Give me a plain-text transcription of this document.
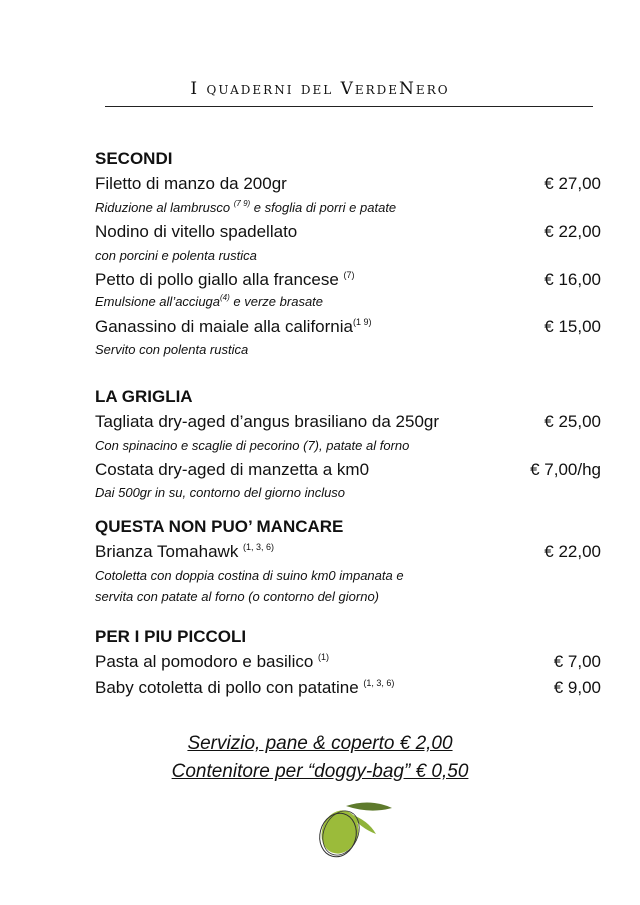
I quaderni del VerdeNero
SECONDI
Filetto di manzo da 200gr	€ 27,00
Riduzione al lambrusco $^{(7 9)}$ e sfoglia di porri e patate
Nodino di vitello spadellato	€ 22,00
con porcini e polenta rustica
Petto di pollo giallo alla francese $^{(7)}$	€ 16,00
Emulsione all’acciuga$^{(4)}$ e verze brasate
Ganassino di maiale alla california$^{(1 9)}$	€ 15,00
Servito con polenta rustica
LA GRIGLIA
Tagliata dry-aged d’angus brasiliano da 250gr	€ 25,00
Con spinacino e scaglie di pecorino (7), patate al forno
Costata dry-aged di manzetta a km0	€ 7,00/hg
Dai 500gr in su, contorno del giorno incluso
QUESTA NON PUO’ MANCARE
Brianza Tomahawk $^{(1, 3, 6)}$	€ 22,00
Cotoletta con doppia costina di suino km0 impanata e
servita con patate al forno (o contorno del giorno)
PER I PIU PICCOLI
Pasta al pomodoro e basilico $^{(1)}$	€ 7,00
Baby cotoletta di pollo con patatine $^{(1, 3, 6)}$	€ 9,00
Servizio, pane & coperto € 2,00
Contenitore per “doggy-bag” € 0,50
